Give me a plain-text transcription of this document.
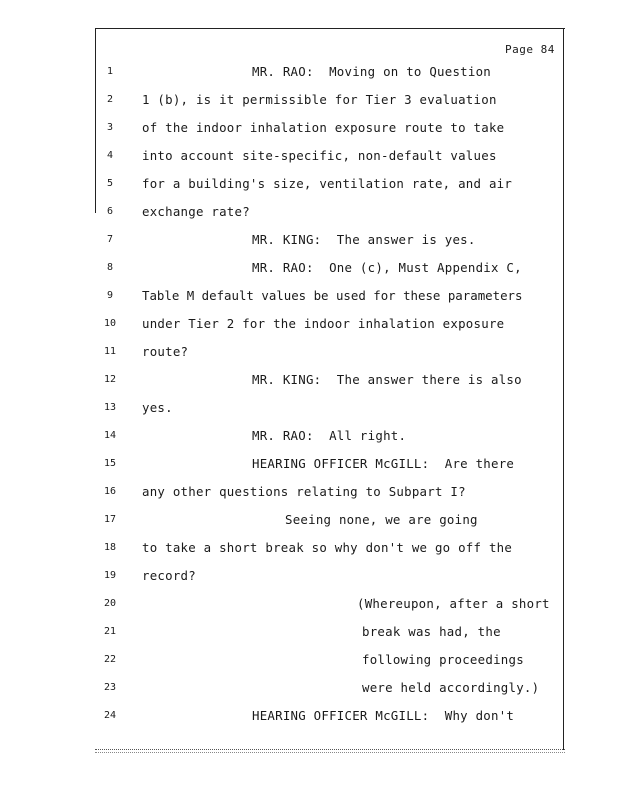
Page 84
1	MR. RAO:  Moving on to Question
2	1 (b), is it permissible for Tier 3 evaluation
3	of the indoor inhalation exposure route to take
4	into account site-specific, non-default values
5	for a building's size, ventilation rate, and air
6	exchange rate?
7	MR. KING:  The answer is yes.
8	MR. RAO:  One (c), Must Appendix C,
9	Table M default values be used for these parameters
10	under Tier 2 for the indoor inhalation exposure
11	route?
12	MR. KING:  The answer there is also
13	yes.
14	MR. RAO:  All right.
15	HEARING OFFICER McGILL:  Are there
16	any other questions relating to Subpart I?
17	Seeing none, we are going
18	to take a short break so why don't we go off the
19	record?
20	(Whereupon, after a short
21	break was had, the
22	following proceedings
23	were held accordingly.)
24	HEARING OFFICER McGILL:  Why don't
